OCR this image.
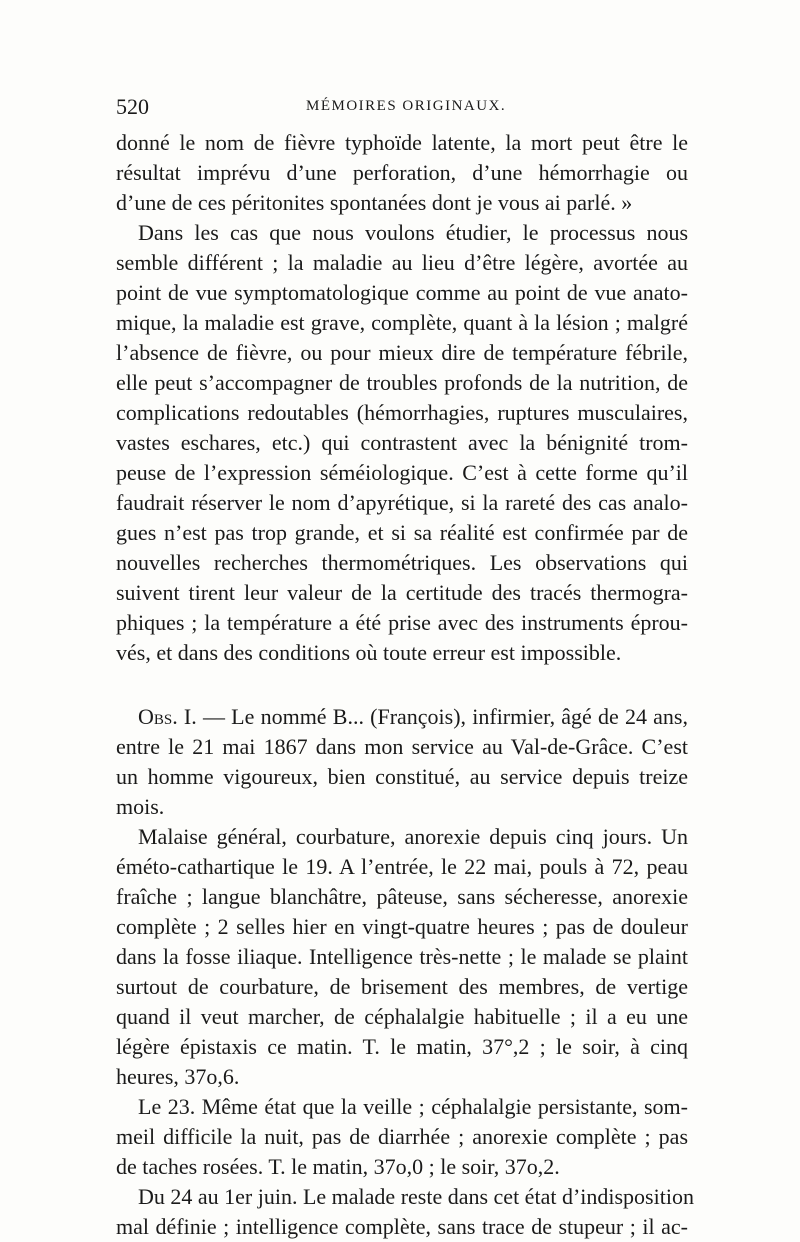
520	MÉMOIRES ORIGINAUX.
donné le nom de fièvre typhoïde latente, la mort peut être le
résultat imprévu d’une perforation, d’une hémorrhagie ou
d’une de ces péritonites spontanées dont je vous ai parlé. »
Dans les cas que nous voulons étudier, le processus nous
semble différent ; la maladie au lieu d’être légère, avortée au
point de vue symptomatologique comme au point de vue anato-
mique, la maladie est grave, complète, quant à la lésion ; malgré
l’absence de fièvre, ou pour mieux dire de température fébrile,
elle peut s’accompagner de troubles profonds de la nutrition, de
complications redoutables (hémorrhagies, ruptures musculaires,
vastes eschares, etc.) qui contrastent avec la bénignité trom-
peuse de l’expression séméiologique. C’est à cette forme qu’il
faudrait réserver le nom d’apyrétique, si la rareté des cas analo-
gues n’est pas trop grande, et si sa réalité est confirmée par de
nouvelles recherches thermométriques. Les observations qui
suivent tirent leur valeur de la certitude des tracés thermogra-
phiques ; la température a été prise avec des instruments éprou-
vés, et dans des conditions où toute erreur est impossible.
Obs. I. — Le nommé B... (François), infirmier, âgé de 24 ans,
entre le 21 mai 1867 dans mon service au Val-de-Grâce. C’est
un homme vigoureux, bien constitué, au service depuis treize
mois.
Malaise général, courbature, anorexie depuis cinq jours. Un
éméto-cathartique le 19. A l’entrée, le 22 mai, pouls à 72, peau
fraîche ; langue blanchâtre, pâteuse, sans sécheresse, anorexie
complète ; 2 selles hier en vingt-quatre heures ; pas de douleur
dans la fosse iliaque. Intelligence très-nette ; le malade se plaint
surtout de courbature, de brisement des membres, de vertige
quand il veut marcher, de céphalalgie habituelle ; il a eu une
légère épistaxis ce matin. T. le matin, 37°,2 ; le soir, à cinq
heures, 37o,6.
Le 23. Même état que la veille ; céphalalgie persistante, som-
meil difficile la nuit, pas de diarrhée ; anorexie complète ; pas
de taches rosées. T. le matin, 37o,0 ; le soir, 37o,2.
Du 24 au 1er juin. Le malade reste dans cet état d’indisposition
mal définie ; intelligence complète, sans trace de stupeur ; il ac-
